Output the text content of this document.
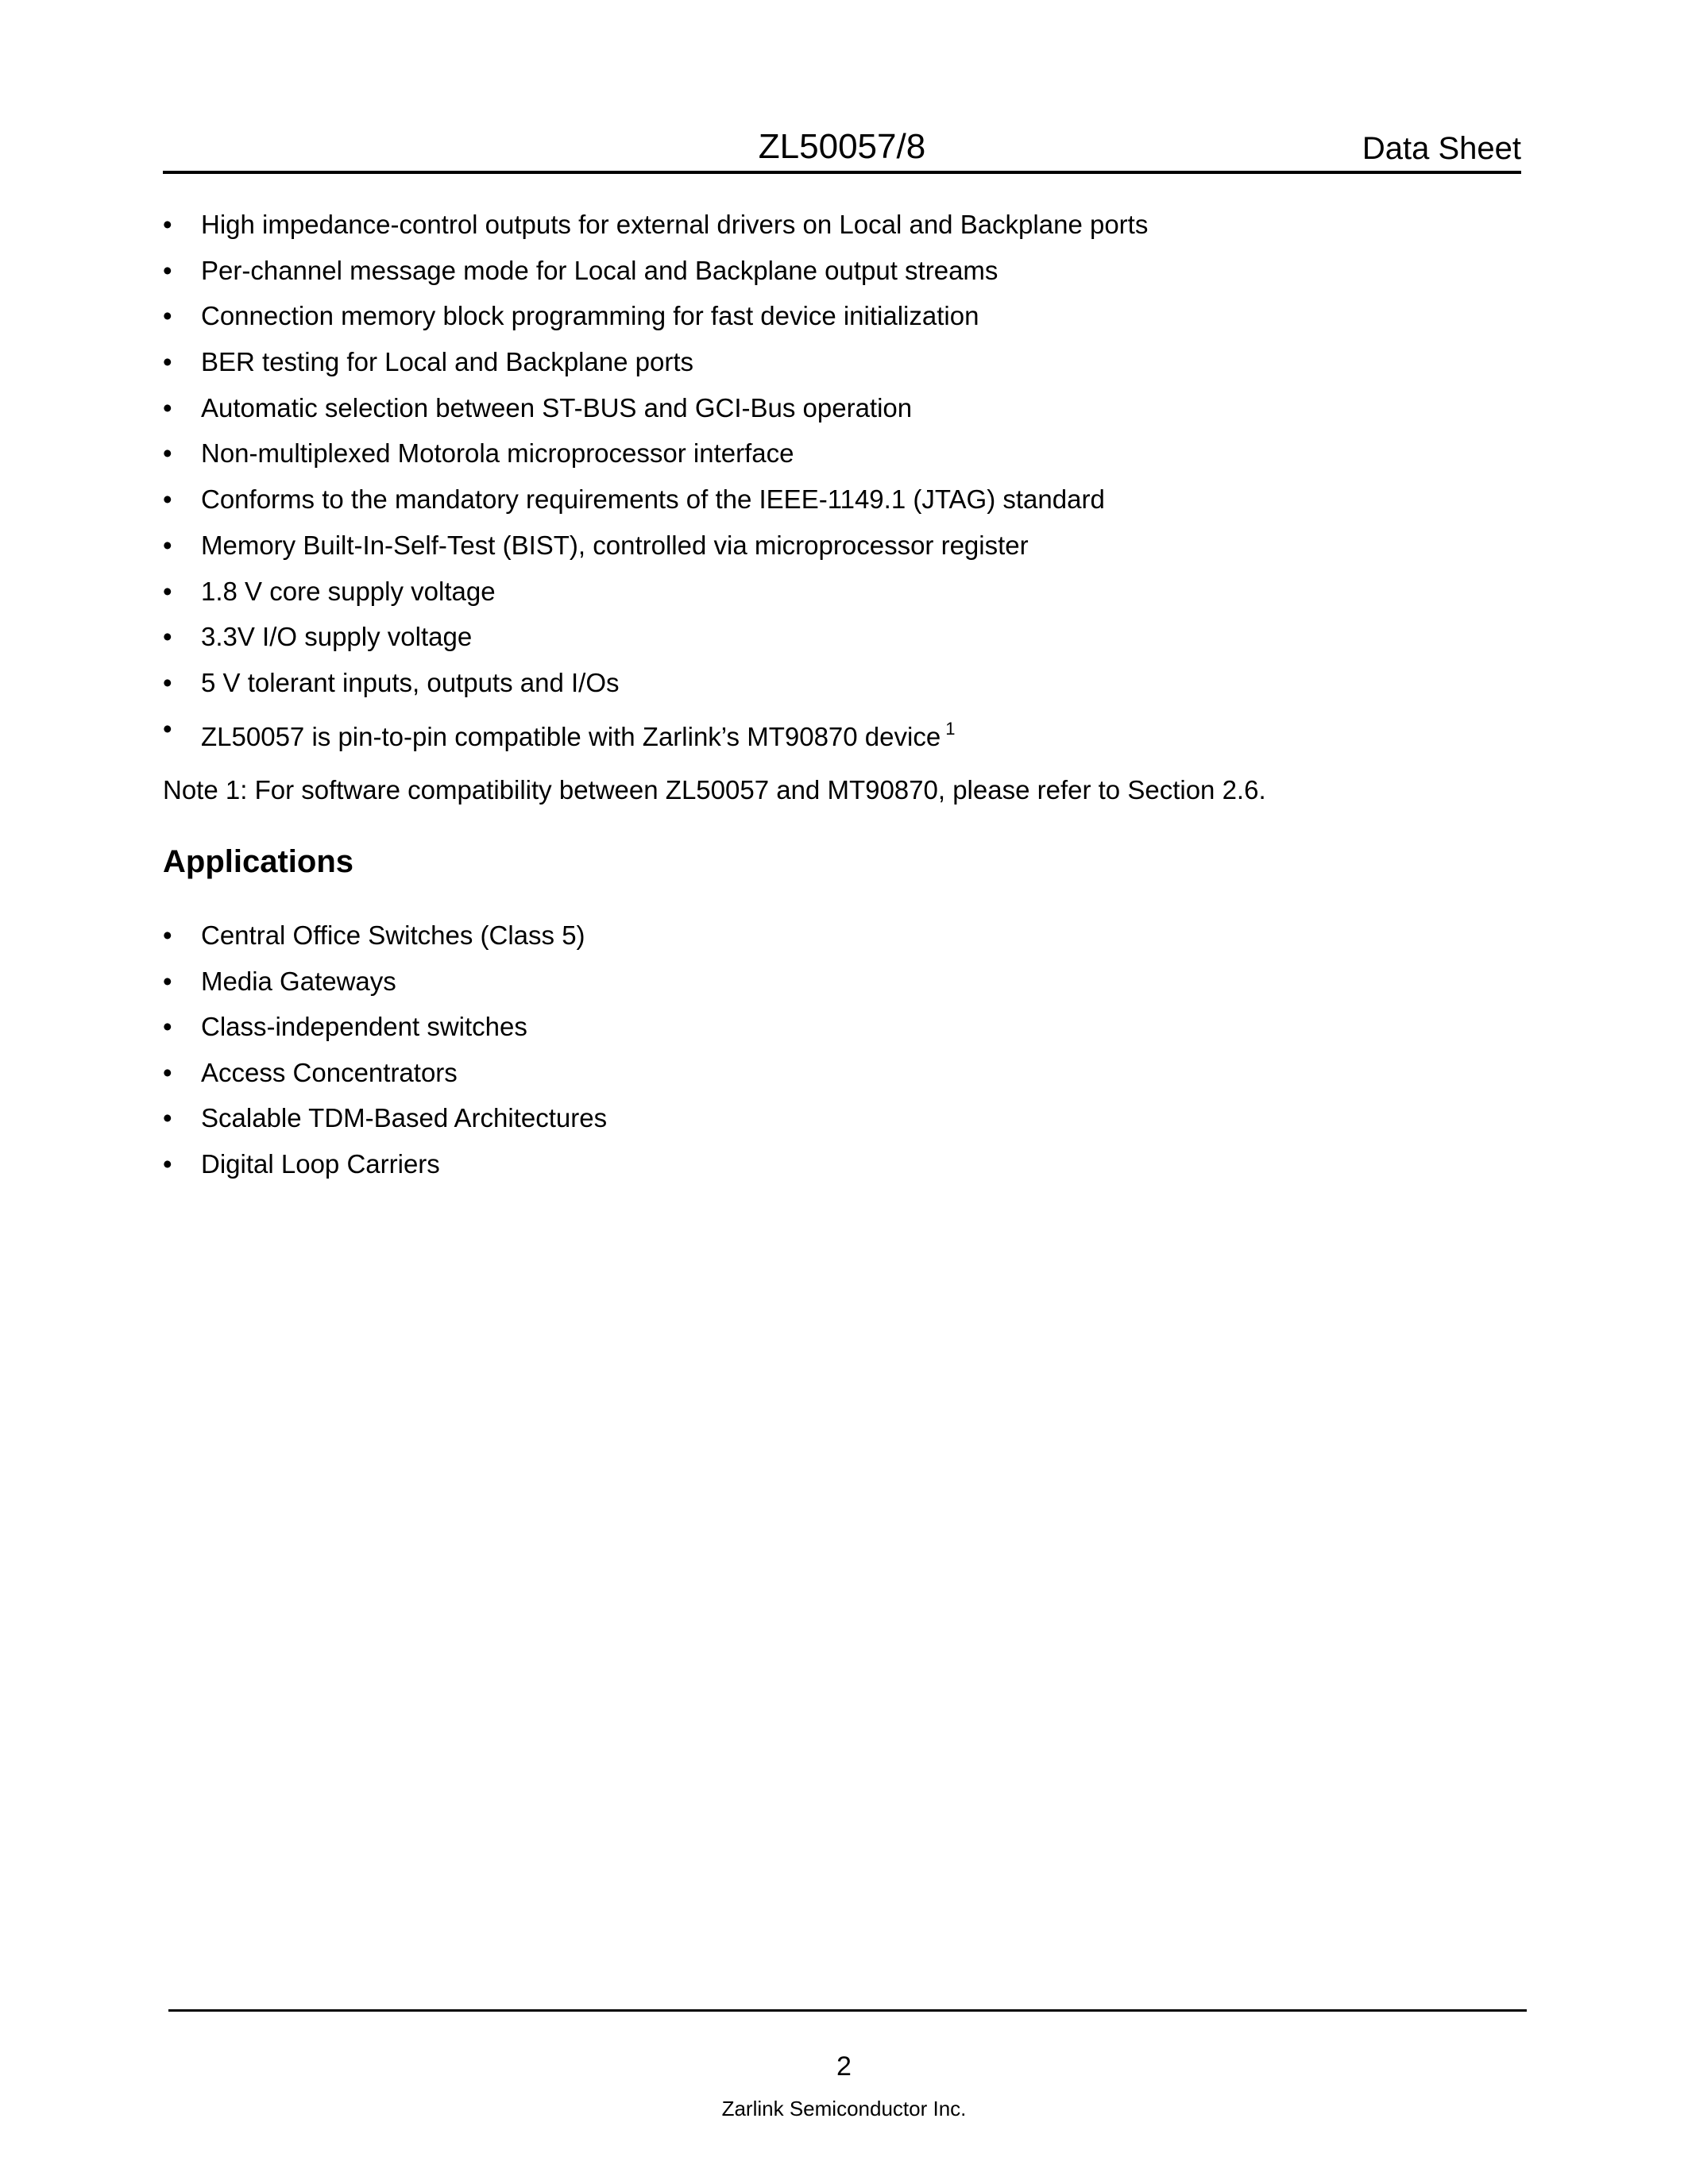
ZL50057/8	Data Sheet
• High impedance-control outputs for external drivers on Local and Backplane ports
• Per-channel message mode for Local and Backplane output streams
• Connection memory block programming for fast device initialization
• BER testing for Local and Backplane ports
• Automatic selection between ST-BUS and GCI-Bus operation
• Non-multiplexed Motorola microprocessor interface
• Conforms to the mandatory requirements of the IEEE-1149.1 (JTAG) standard
• Memory Built-In-Self-Test (BIST), controlled via microprocessor register
• 1.8 V core supply voltage
• 3.3V I/O supply voltage
• 5 V tolerant inputs, outputs and I/Os
• ZL50057 is pin-to-pin compatible with Zarlink’s MT90870 device $^1$
Note 1: For software compatibility between ZL50057 and MT90870, please refer to Section 2.6.
Applications
• Central Office Switches (Class 5)
• Media Gateways
• Class-independent switches
• Access Concentrators
• Scalable TDM-Based Architectures
• Digital Loop Carriers
2
Zarlink Semiconductor Inc.
